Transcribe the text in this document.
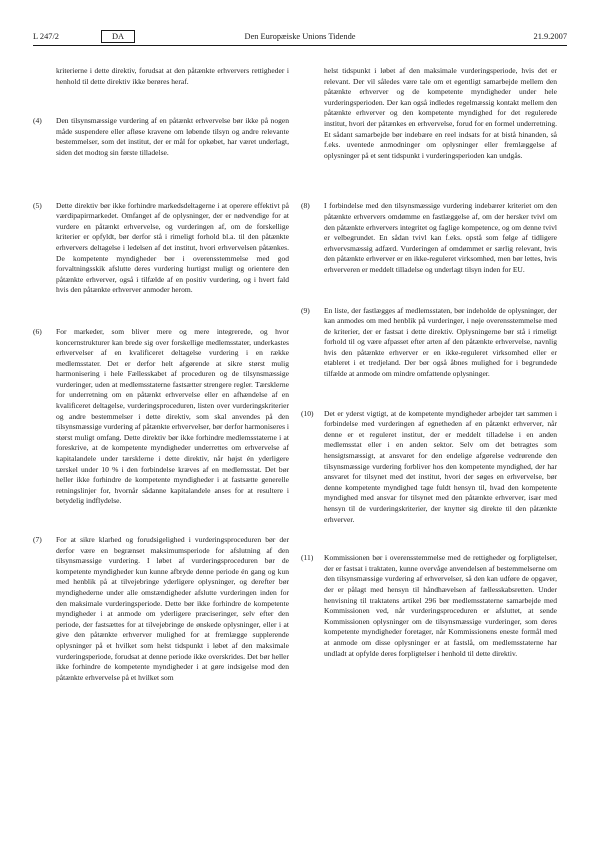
L 247/2	DA	Den Europæiske Unions Tidende	21.9.2007
kriterierne i dette direktiv, forudsat at den påtænkte erhververs rettigheder i henhold til dette direktiv ikke berøres heraf.
(4) Den tilsynsmæssige vurdering af en påtænkt erhvervelse bør ikke på nogen måde suspendere eller afløse kravene om løbende tilsyn og andre relevante bestemmelser, som det institut, der er mål for opkøbet, har været underlagt, siden det modtog sin første tilladelse.
(5) Dette direktiv bør ikke forhindre markedsdeltagerne i at operere effektivt på værdipapirmarkedet. Omfanget af de oplysninger, der er nødvendige for at vurdere en påtænkt erhvervelse, og vurderingen af, om de forskellige kriterier er opfyldt, bør derfor stå i rimeligt forhold bl.a. til den påtænkte erhververs deltagelse i ledelsen af det institut, hvori erhvervelsen påtænkes. De kompetente myndigheder bør i overensstemmelse med god forvaltningsskik afslutte deres vurdering hurtigst muligt og orientere den påtænkte erhverver, også i tilfælde af en positiv vurdering, og i hvert fald hvis den påtænkte erhverver anmoder herom.
(6) For markeder, som bliver mere og mere integrerede, og hvor koncernstrukturer kan brede sig over forskellige medlemsstater, underkastes erhvervelser af en kvalificeret deltagelse vurdering i en række medlemsstater. Det er derfor helt afgørende at sikre størst mulig harmonisering i hele Fællesskabet af proceduren og de tilsynsmæssige vurderinger, uden at medlemsstaterne fastsætter strengere regler. Tærsklerne for underretning om en påtænkt erhvervelse eller en afhændelse af en kvalificeret deltagelse, vurderingsproceduren, listen over vurderingskriterier og andre bestemmelser i dette direktiv, som skal anvendes på den tilsynsmæssige vurdering af påtænkte erhvervelser, bør derfor harmoniseres i størst muligt omfang. Dette direktiv bør ikke forhindre medlemsstaterne i at foreskrive, at de kompetente myndigheder underrettes om erhvervelse af kapitalandele under tærsklerne i dette direktiv, når højst én yderligere tærskel under 10 % i den forbindelse kræves af en medlemsstat. Det bør heller ikke forhindre de kompetente myndigheder i at fastsætte generelle retningslinjer for, hvornår sådanne kapitalandele anses for at resultere i betydelig indflydelse.
(7) For at sikre klarhed og forudsigelighed i vurderingsproceduren bør der derfor være en begrænset maksimumsperiode for afslutning af den tilsynsmæssige vurdering. I løbet af vurderingsproceduren bør de kompetente myndigheder kun kunne afbryde denne periode én gang og kun med henblik på at tilvejebringe yderligere oplysninger, og derefter bør myndighederne under alle omstændigheder afslutte vurderingen inden for den maksimale vurderingsperiode. Dette bør ikke forhindre de kompetente myndigheder i at anmode om yderligere præciseringer, selv efter den periode, der fastsættes for at tilvejebringe de ønskede oplysninger, eller i at give den påtænkte erhverver mulighed for at fremlægge supplerende oplysninger på et hvilket som helst tidspunkt i løbet af den maksimale vurderingsperiode, forudsat at denne periode ikke overskrides. Det bør heller ikke forhindre de kompetente myndigheder i at gøre indsigelse mod den påtænkte erhvervelse på et hvilket som
helst tidspunkt i løbet af den maksimale vurderingsperiode, hvis det er relevant. Der vil således være tale om et egentligt samarbejde mellem den påtænkte erhverver og de kompetente myndigheder under hele vurderingsperioden. Der kan også indledes regelmæssig kontakt mellem den påtænkte erhverver og den kompetente myndighed for det regulerede institut, hvori der påtænkes en erhvervelse, forud for en formel underretning. Et sådant samarbejde bør indebære en reel indsats for at bistå hinanden, så f.eks. uventede anmodninger om oplysninger eller fremlæggelse af oplysninger på et sent tidspunkt i vurderingsperioden kan undgås.
(8) I forbindelse med den tilsynsmæssige vurdering indebærer kriteriet om den påtænkte erhververs omdømme en fastlæggelse af, om der hersker tvivl om den påtænkte erhververs integritet og faglige kompetence, og om denne tvivl er velbegrundet. En sådan tvivl kan f.eks. opstå som følge af tidligere erhvervsmæssig adfærd. Vurderingen af omdømmet er særlig relevant, hvis den påtænkte erhverver er en ikke-reguleret virksomhed, men bør lettes, hvis erhververen er meddelt tilladelse og underlagt tilsyn inden for EU.
(9) En liste, der fastlægges af medlemsstaten, bør indeholde de oplysninger, der kan anmodes om med henblik på vurderinger, i nøje overensstemmelse med de kriterier, der er fastsat i dette direktiv. Oplysningerne bør stå i rimeligt forhold til og være afpasset efter arten af den påtænkte erhvervelse, navnlig hvis den påtænkte erhverver er en ikke-reguleret virksomhed eller er etableret i et tredjeland. Der bør også åbnes mulighed for i begrundede tilfælde at anmode om mindre omfattende oplysninger.
(10) Det er yderst vigtigt, at de kompetente myndigheder arbejder tæt sammen i forbindelse med vurderingen af egnetheden af en påtænkt erhverver, når denne er et reguleret institut, der er meddelt tilladelse i en anden medlemsstat eller i en anden sektor. Selv om det betragtes som hensigtsmæssigt, at ansvaret for den endelige afgørelse vedrørende den tilsynsmæssige vurdering forbliver hos den kompetente myndighed, der har ansvaret for tilsynet med det institut, hvori der søges en erhvervelse, bør denne kompetente myndighed tage fuldt hensyn til, hvad den kompetente myndighed med ansvar for tilsynet med den påtænkte erhverver, især med hensyn til de vurderingskriterier, der knytter sig direkte til den påtænkte erhverver.
(11) Kommissionen bør i overensstemmelse med de rettigheder og forpligtelser, der er fastsat i traktaten, kunne overvåge anvendelsen af bestemmelserne om den tilsynsmæssige vurdering af erhvervelser, så den kan udføre de opgaver, der er pålagt med hensyn til håndhævelsen af fællesskabsretten. Under henvisning til traktatens artikel 296 bør medlemsstaterne samarbejde med Kommissionen ved, når vurderingsproceduren er afsluttet, at sende Kommissionen oplysninger om de tilsynsmæssige vurderinger, som deres kompetente myndigheder foretager, når Kommissionens eneste formål med at anmode om disse oplysninger er at fastslå, om medlemsstaterne har undladt at opfylde deres forpligtelser i henhold til dette direktiv.
